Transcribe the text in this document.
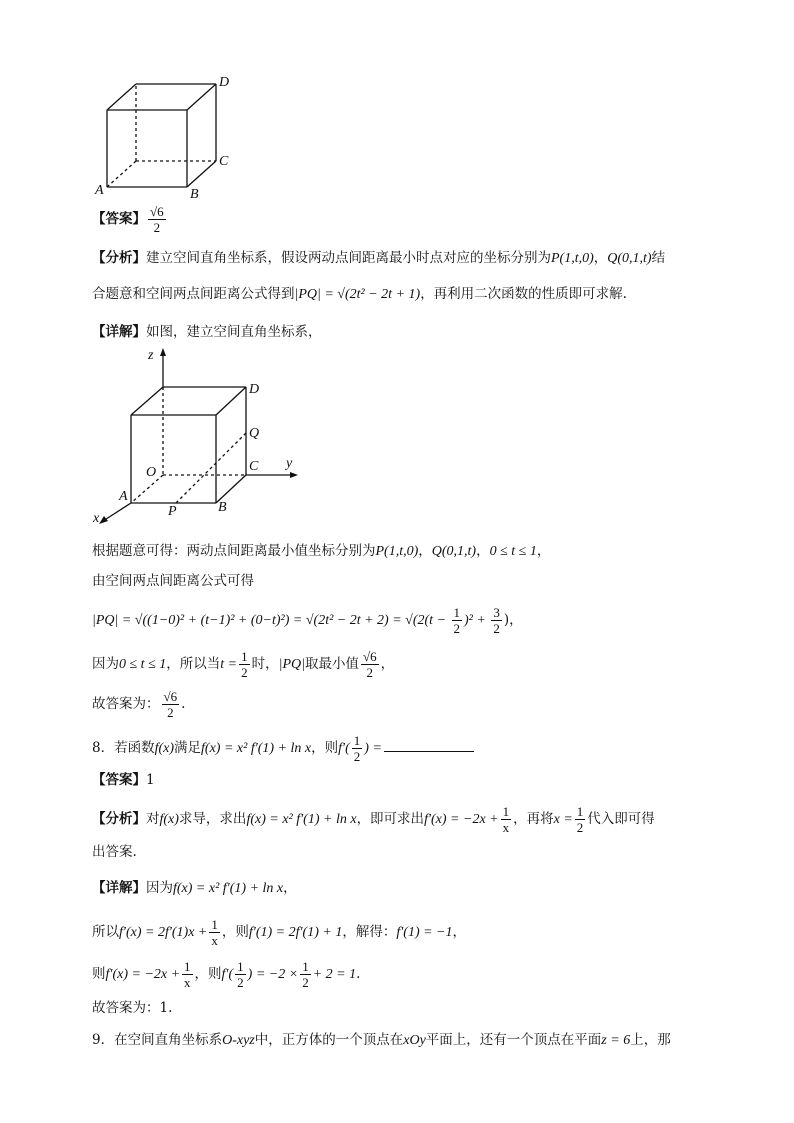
D
C
A	B
【答案】 $\frac{√6}{2}$
【分析】建立空间直角坐标系，假设两动点间距离最小时点对应的坐标分别为P(1,t,0)，Q(0,1,t)结
合题意和空间两点间距离公式得到|PQ| = √(2t² − 2t + 1)，再利用二次函数的性质即可求解.
【详解】如图，建立空间直角坐标系，
z
D
Q
O	C y
A
B
P
x
根据题意可得：两动点间距离最小值坐标分别为P(1,t,0)，Q(0,1,t)，0 ≤ t ≤ 1，
由空间两点间距离公式可得
$|PQ| = √((1-0)^2 + (t-1)^2 + (0-t)^2) = √(2t^2 - 2t + 2) = √(2(t - \frac{1}{2} )^2 + \frac{3}{2}$ )，
因为0 ≤ t ≤ 1，所以当$t = \frac{1}{2}$ 时，|PQ|取最小值 $\frac{√6}{2}$ ，
故答案为： $\frac{√6}{2}$ .
8．若函数f(x)满足f(x) = x² f′(1) + ln x，则$f'( \frac{1}{2}$ ) =
【答案】1
【分析】对f(x)求导，求出f(x) = x² f′(1) + ln x，即可求出$f'(x) = -2x + \frac{1}{x}$ ，再将$x = \frac{1}{2}$ 代入即可得
出答案.
【详解】因为f(x) = x² f′(1) + ln x，
所以$f'(x) = 2f'(1)x + \frac{1}{x}$ ，则f′(1) = 2f′(1) + 1，解得：f′(1) = −1，
则$f'(x) = -2x + \frac{1}{x}$ ，则$f'( \frac{1}{2}$ ) = $-2 \times \frac{1}{2} + 2 = 1$.
故答案为：1.
9．在空间直角坐标系O-xyz中，正方体的一个顶点在xOy平面上，还有一个顶点在平面z = 6上，那
